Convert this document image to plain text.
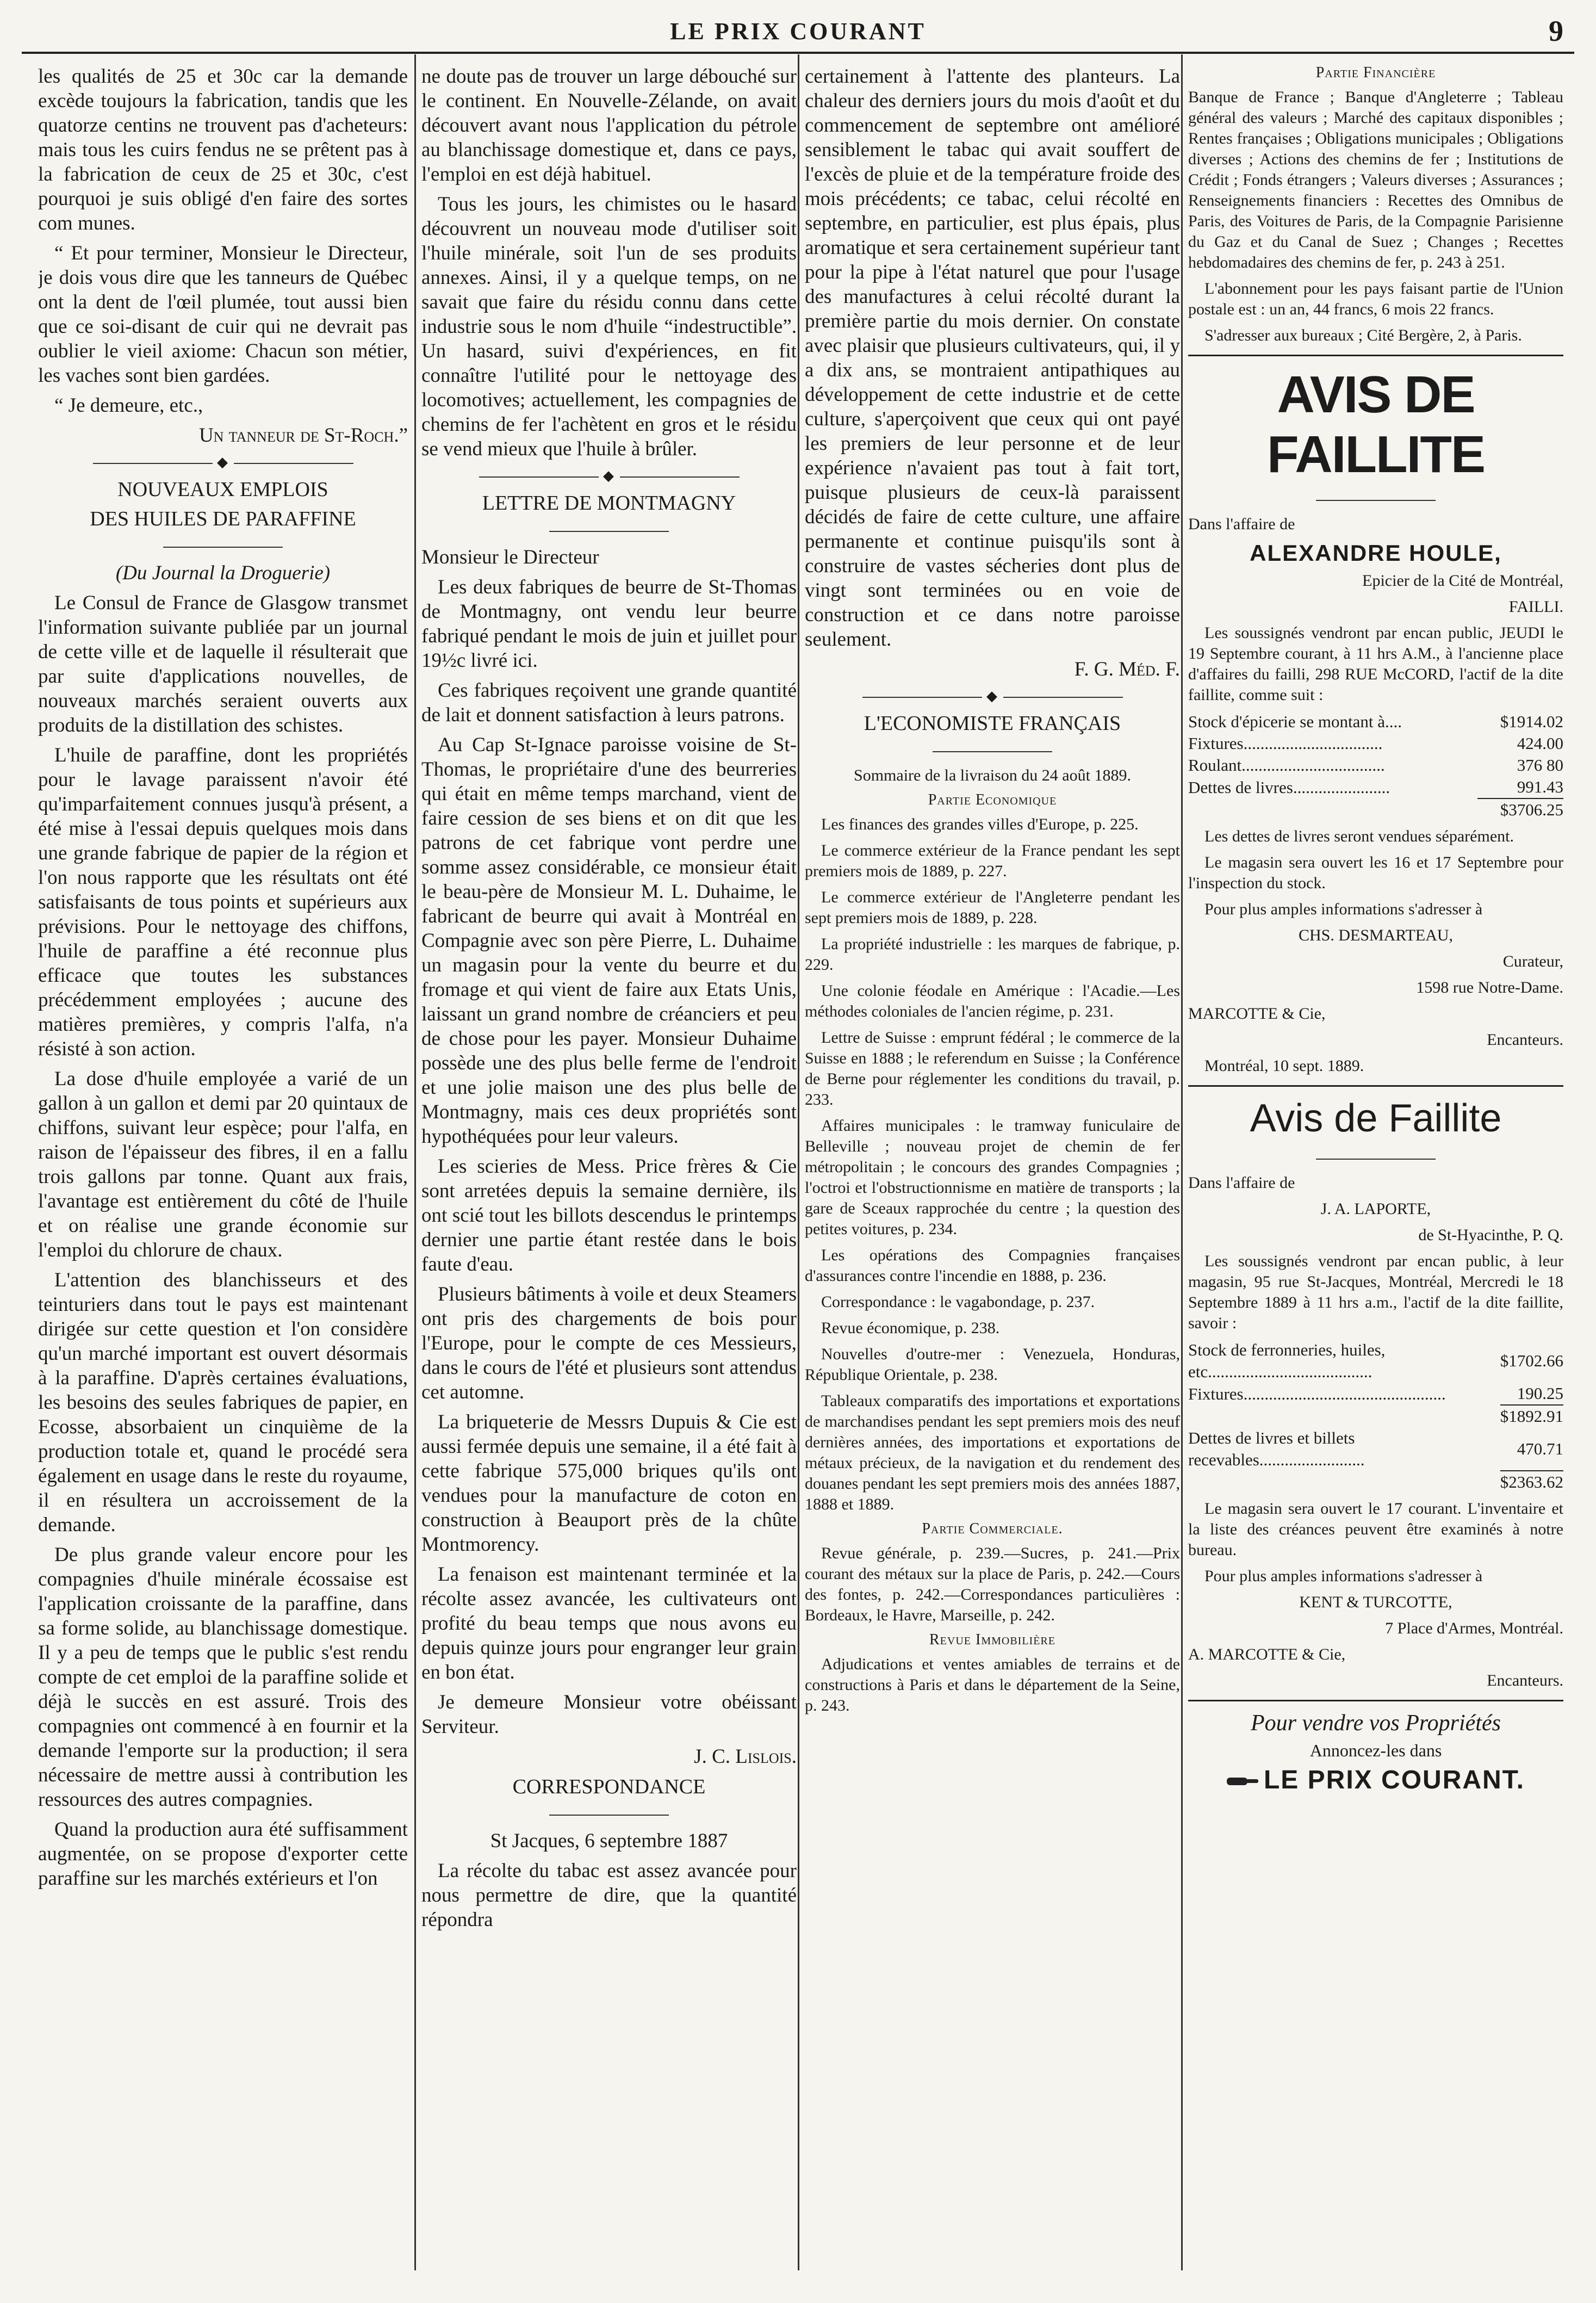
LE PRIX COURANT	9

les qualités de 25 et 30c car la demande excède toujours la fabrication, tandis que les quatorze centins ne trouvent pas d'acheteurs: mais tous les cuirs fendus ne se prêtent pas à la fabrication de ceux de 25 et 30c, c'est pourquoi je suis obligé d'en faire des sortes com munes.

“ Et pour terminer, Monsieur le Directeur, je dois vous dire que les tanneurs de Québec ont la dent de l'œil plumée, tout aussi bien que ce soi-disant de cuir qui ne devrait pas oublier le vieil axiome: Chacun son métier, les vaches sont bien gardées.

“ Je demeure, etc.,

Un tanneur de St-Roch.”

◆
NOUVEAUX EMPLOIS
DES HUILES DE PARAFFINE

(Du Journal la Droguerie)

Le Consul de France de Glasgow transmet l'information suivante publiée par un journal de cette ville et de laquelle il résulterait que par suite d'applications nouvelles, de nouveaux marchés seraient ouverts aux produits de la distillation des schistes.

L'huile de paraffine, dont les propriétés pour le lavage paraissent n'avoir été qu'imparfaitement connues jusqu'à présent, a été mise à l'essai depuis quelques mois dans une grande fabrique de papier de la région et l'on nous rapporte que les résultats ont été satisfaisants de tous points et supérieurs aux prévisions. Pour le nettoyage des chiffons, l'huile de paraffine a été reconnue plus efficace que toutes les substances précédemment employées ; aucune des matières premières, y compris l'alfa, n'a résisté à son action.

La dose d'huile employée a varié de un gallon à un gallon et demi par 20 quintaux de chiffons, suivant leur espèce; pour l'alfa, en raison de l'épaisseur des fibres, il en a fallu trois gallons par tonne. Quant aux frais, l'avantage est entièrement du côté de l'huile et on réalise une grande économie sur l'emploi du chlorure de chaux.

L'attention des blanchisseurs et des teinturiers dans tout le pays est maintenant dirigée sur cette question et l'on considère qu'un marché important est ouvert désormais à la paraffine. D'après certaines évaluations, les besoins des seules fabriques de papier, en Ecosse, absorbaient un cinquième de la production totale et, quand le procédé sera également en usage dans le reste du royaume, il en résultera un accroissement de la demande.

De plus grande valeur encore pour les compagnies d'huile minérale écossaise est l'application croissante de la paraffine, dans sa forme solide, au blanchissage domestique. Il y a peu de temps que le public s'est rendu compte de cet emploi de la paraffine solide et déjà le succès en est assuré. Trois des compagnies ont commencé à en fournir et la demande l'emporte sur la production; il sera nécessaire de mettre aussi à contribution les ressources des autres compagnies.

Quand la production aura été suffisamment augmentée, on se propose d'exporter cette paraffine sur les marchés extérieurs et l'on

ne doute pas de trouver un large débouché sur le continent. En Nouvelle-Zélande, on avait découvert avant nous l'application du pétrole au blanchissage domestique et, dans ce pays, l'emploi en est déjà habituel.

Tous les jours, les chimistes ou le hasard découvrent un nouveau mode d'utiliser soit l'huile minérale, soit l'un de ses produits annexes. Ainsi, il y a quelque temps, on ne savait que faire du résidu connu dans cette industrie sous le nom d'huile “indestructible”. Un hasard, suivi d'expériences, en fit connaître l'utilité pour le nettoyage des locomotives; actuellement, les compagnies de chemins de fer l'achètent en gros et le résidu se vend mieux que l'huile à brûler.

◆
LETTRE DE MONTMAGNY

Monsieur le Directeur

Les deux fabriques de beurre de St-Thomas de Montmagny, ont vendu leur beurre fabriqué pendant le mois de juin et juillet pour 19½c livré ici.

Ces fabriques reçoivent une grande quantité de lait et donnent satisfaction à leurs patrons.

Au Cap St-Ignace paroisse voisine de St-Thomas, le propriétaire d'une des beurreries qui était en même temps marchand, vient de faire cession de ses biens et on dit que les patrons de cet fabrique vont perdre une somme assez considérable, ce monsieur était le beau-père de Monsieur M. L. Duhaime, le fabricant de beurre qui avait à Montréal en Compagnie avec son père Pierre, L. Duhaime un magasin pour la vente du beurre et du fromage et qui vient de faire aux Etats Unis, laissant un grand nombre de créanciers et peu de chose pour les payer. Monsieur Duhaime possède une des plus belle ferme de l'endroit et une jolie maison une des plus belle de Montmagny, mais ces deux propriétés sont hypothéquées pour leur valeurs.

Les scieries de Mess. Price frères & Cie sont arretées depuis la semaine dernière, ils ont scié tout les billots descendus le printemps dernier une partie étant restée dans le bois faute d'eau.

Plusieurs bâtiments à voile et deux Steamers ont pris des chargements de bois pour l'Europe, pour le compte de ces Messieurs, dans le cours de l'été et plusieurs sont attendus cet automne.

La briqueterie de Messrs Dupuis & Cie est aussi fermée depuis une semaine, il a été fait à cette fabrique 575,000 briques qu'ils ont vendues pour la manufacture de coton en construction à Beauport près de la chûte Montmorency.

La fenaison est maintenant terminée et la récolte assez avancée, les cultivateurs ont profité du beau temps que nous avons eu depuis quinze jours pour engranger leur grain en bon état.

Je demeure Monsieur votre obéissant Serviteur.

J. C. Lislois.

CORRESPONDANCE

St Jacques, 6 septembre 1887

La récolte du tabac est assez avancée pour nous permettre de dire, que la quantité répondra

certainement à l'attente des planteurs. La chaleur des derniers jours du mois d'août et du commencement de septembre ont amélioré sensiblement le tabac qui avait souffert de l'excès de pluie et de la température froide des mois précédents; ce tabac, celui récolté en septembre, en particulier, est plus épais, plus aromatique et sera certainement supérieur tant pour la pipe à l'état naturel que pour l'usage des manufactures à celui récolté durant la première partie du mois dernier. On constate avec plaisir que plusieurs cultivateurs, qui, il y a dix ans, se montraient antipathiques au développement de cette industrie et de cette culture, s'aperçoivent que ceux qui ont payé les premiers de leur personne et de leur expérience n'avaient pas tout à fait tort, puisque plusieurs de ceux-là paraissent décidés de faire de cette culture, une affaire permanente et continue puisqu'ils sont à construire de vastes sécheries dont plus de vingt sont terminées ou en voie de construction et ce dans notre paroisse seulement.

F. G. Méd. F.

◆
L'ECONOMISTE FRANÇAIS

Sommaire de la livraison du 24 août 1889.

Partie Economique

Les finances des grandes villes d'Europe, p. 225.

Le commerce extérieur de la France pendant les sept premiers mois de 1889, p. 227.

Le commerce extérieur de l'Angleterre pendant les sept premiers mois de 1889, p. 228.

La propriété industrielle : les marques de fabrique, p. 229.

Une colonie féodale en Amérique : l'Acadie.—Les méthodes coloniales de l'ancien régime, p. 231.

Lettre de Suisse : emprunt fédéral ; le commerce de la Suisse en 1888 ; le referendum en Suisse ; la Conférence de Berne pour réglementer les conditions du travail, p. 233.

Affaires municipales : le tramway funiculaire de Belleville ; nouveau projet de chemin de fer métropolitain ; le concours des grandes Compagnies ; l'octroi et l'obstructionnisme en matière de transports ; la gare de Sceaux rapprochée du centre ; la question des petites voitures, p. 234.

Les opérations des Compagnies françaises d'assurances contre l'incendie en 1888, p. 236.

Correspondance : le vagabondage, p. 237.

Revue économique, p. 238.

Nouvelles d'outre-mer : Venezuela, Honduras, République Orientale, p. 238.

Tableaux comparatifs des importations et exportations de marchandises pendant les sept premiers mois des neuf dernières années, des importations et exportations de métaux précieux, de la navigation et du rendement des douanes pendant les sept premiers mois des années 1887, 1888 et 1889.

Partie Commerciale.

Revue générale, p. 239.—Sucres, p. 241.—Prix courant des métaux sur la place de Paris, p. 242.—Cours des fontes, p. 242.—Correspondances particulières : Bordeaux, le Havre, Marseille, p. 242.

Revue Immobilière

Adjudications et ventes amiables de terrains et de constructions à Paris et dans le département de la Seine, p. 243.

Partie Financière

Banque de France ; Banque d'Angleterre ; Tableau général des valeurs ; Marché des capitaux disponibles ; Rentes françaises ; Obligations municipales ; Obligations diverses ; Actions des chemins de fer ; Institutions de Crédit ; Fonds étrangers ; Valeurs diverses ; Assurances ; Renseignements financiers : Recettes des Omnibus de Paris, des Voitures de Paris, de la Compagnie Parisienne du Gaz et du Canal de Suez ; Changes ; Recettes hebdomadaires des chemins de fer, p. 243 à 251.

L'abonnement pour les pays faisant partie de l'Union postale est : un an, 44 francs, 6 mois 22 francs.

S'adresser aux bureaux ; Cité Bergère, 2, à Paris.

AVIS DE FAILLITE

Dans l'affaire de

ALEXANDRE HOULE,

Epicier de la Cité de Montréal,

FAILLI.

Les soussignés vendront par encan public, JEUDI le 19 Septembre courant, à 11 hrs A.M., à l'ancienne place d'affaires du failli, 298 RUE McCORD, l'actif de la dite faillite, comme suit :

Stock d'épicerie se montant à....	$1914.02
Fixtures.................................	424.00
Roulant..................................	376 80
Dettes de livres.......................	991.43
	$3706.25

Les dettes de livres seront vendues séparément.

Le magasin sera ouvert les 16 et 17 Septembre pour l'inspection du stock.

Pour plus amples informations s'adresser à

CHS. DESMARTEAU,

Curateur,

1598 rue Notre-Dame.

MARCOTTE & Cie,

Encanteurs.

Montréal, 10 sept. 1889.

Avis de Faillite

Dans l'affaire de

J. A. LAPORTE,

de St-Hyacinthe, P. Q.

Les soussignés vendront par encan public, à leur magasin, 95 rue St-Jacques, Montréal, Mercredi le 18 Septembre 1889 à 11 hrs a.m., l'actif de la dite faillite, savoir :

Stock de ferronneries, huiles, etc.......................................	$1702.66
Fixtures................................................	190.25
	$1892.91
Dettes de livres et billets recevables.........................	470.71
	$2363.62

Le magasin sera ouvert le 17 courant. L'inventaire et la liste des créances peuvent être examinés à notre bureau.

Pour plus amples informations s'adresser à

KENT & TURCOTTE,

7 Place d'Armes, Montréal.

A. MARCOTTE & Cie,

Encanteurs.

Pour vendre vos Propriétés
Annoncez-les dans
LE PRIX COURANT.
